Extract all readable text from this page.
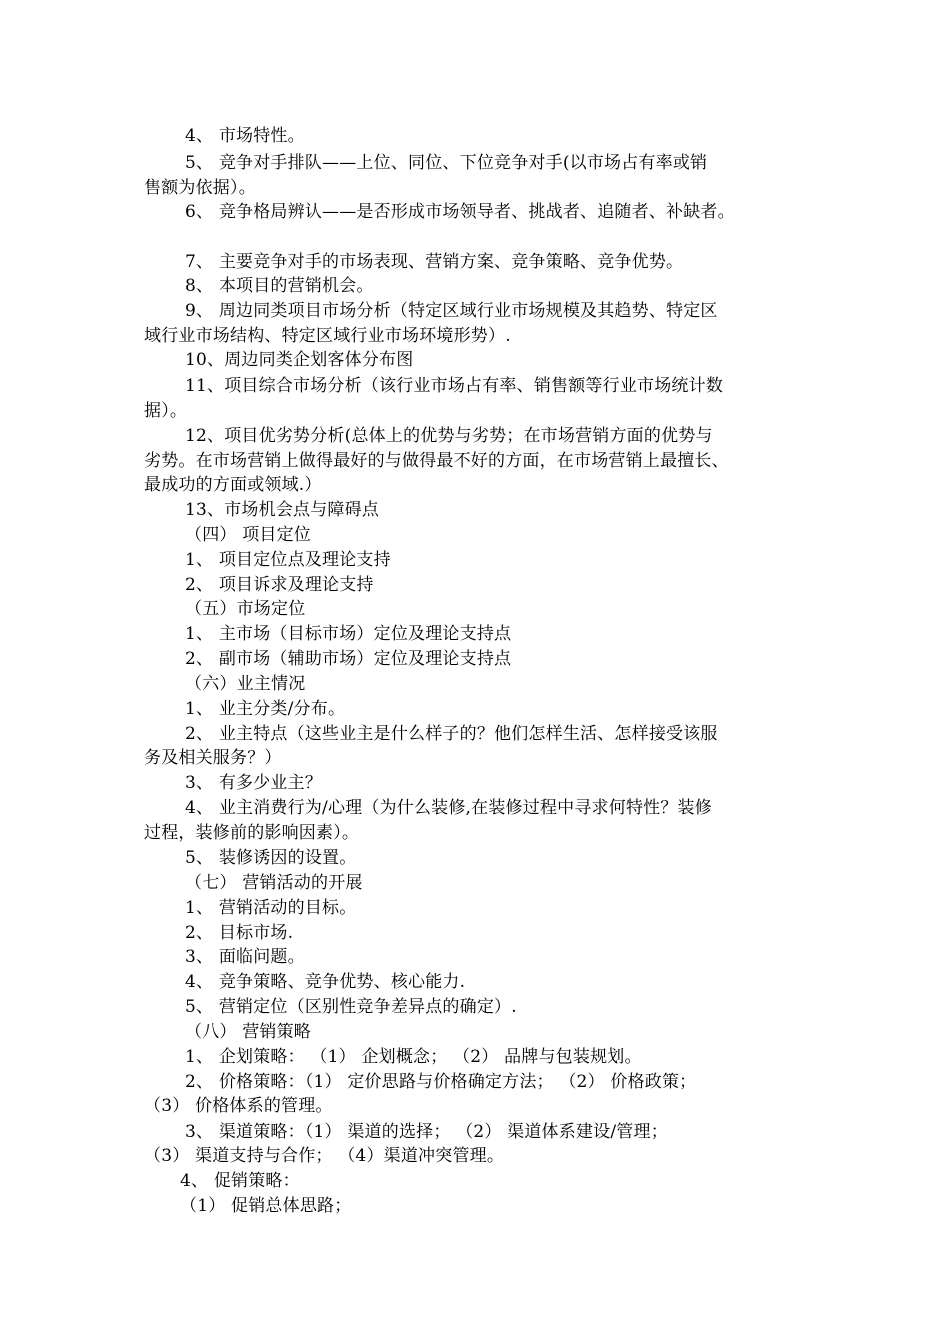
4、 市场特性。
5、 竞争对手排队——上位、同位、下位竞争对手(以市场占有率或销
售额为依据）。
6、 竞争格局辨认——是否形成市场领导者、挑战者、追随者、补缺者。
7、 主要竞争对手的市场表现、营销方案、竞争策略、竞争优势。
8、 本项目的营销机会。
9、 周边同类项目市场分析（特定区域行业市场规模及其趋势、特定区
域行业市场结构、特定区域行业市场环境形势）.
10、周边同类企划客体分布图
11、项目综合市场分析（该行业市场占有率、销售额等行业市场统计数
据）。
12、项目优劣势分析(总体上的优势与劣势；在市场营销方面的优势与
劣势。在市场营销上做得最好的与做得最不好的方面，在市场营销上最擅长、
最成功的方面或领域.）
13、市场机会点与障碍点
（四） 项目定位
1、 项目定位点及理论支持
2、 项目诉求及理论支持
（五）市场定位
1、 主市场（目标市场）定位及理论支持点
2、 副市场（辅助市场）定位及理论支持点
（六）业主情况
1、 业主分类/分布。
2、 业主特点（这些业主是什么样子的？他们怎样生活、怎样接受该服
务及相关服务？）
3、 有多少业主？
4、 业主消费行为/心理（为什么装修,在装修过程中寻求何特性？装修
过程，装修前的影响因素）。
5、 装修诱因的设置。
（七） 营销活动的开展
1、 营销活动的目标。
2、 目标市场.
3、 面临问题。
4、 竞争策略、竞争优势、核心能力.
5、 营销定位（区别性竞争差异点的确定）.
（八） 营销策略
1、 企划策略： （1） 企划概念； （2） 品牌与包装规划。
2、 价格策略：（1） 定价思路与价格确定方法； （2） 价格政策；
（3） 价格体系的管理。
3、 渠道策略：（1） 渠道的选择； （2） 渠道体系建设/管理；
（3） 渠道支持与合作； （4）渠道冲突管理。
4、 促销策略：
（1） 促销总体思路；
